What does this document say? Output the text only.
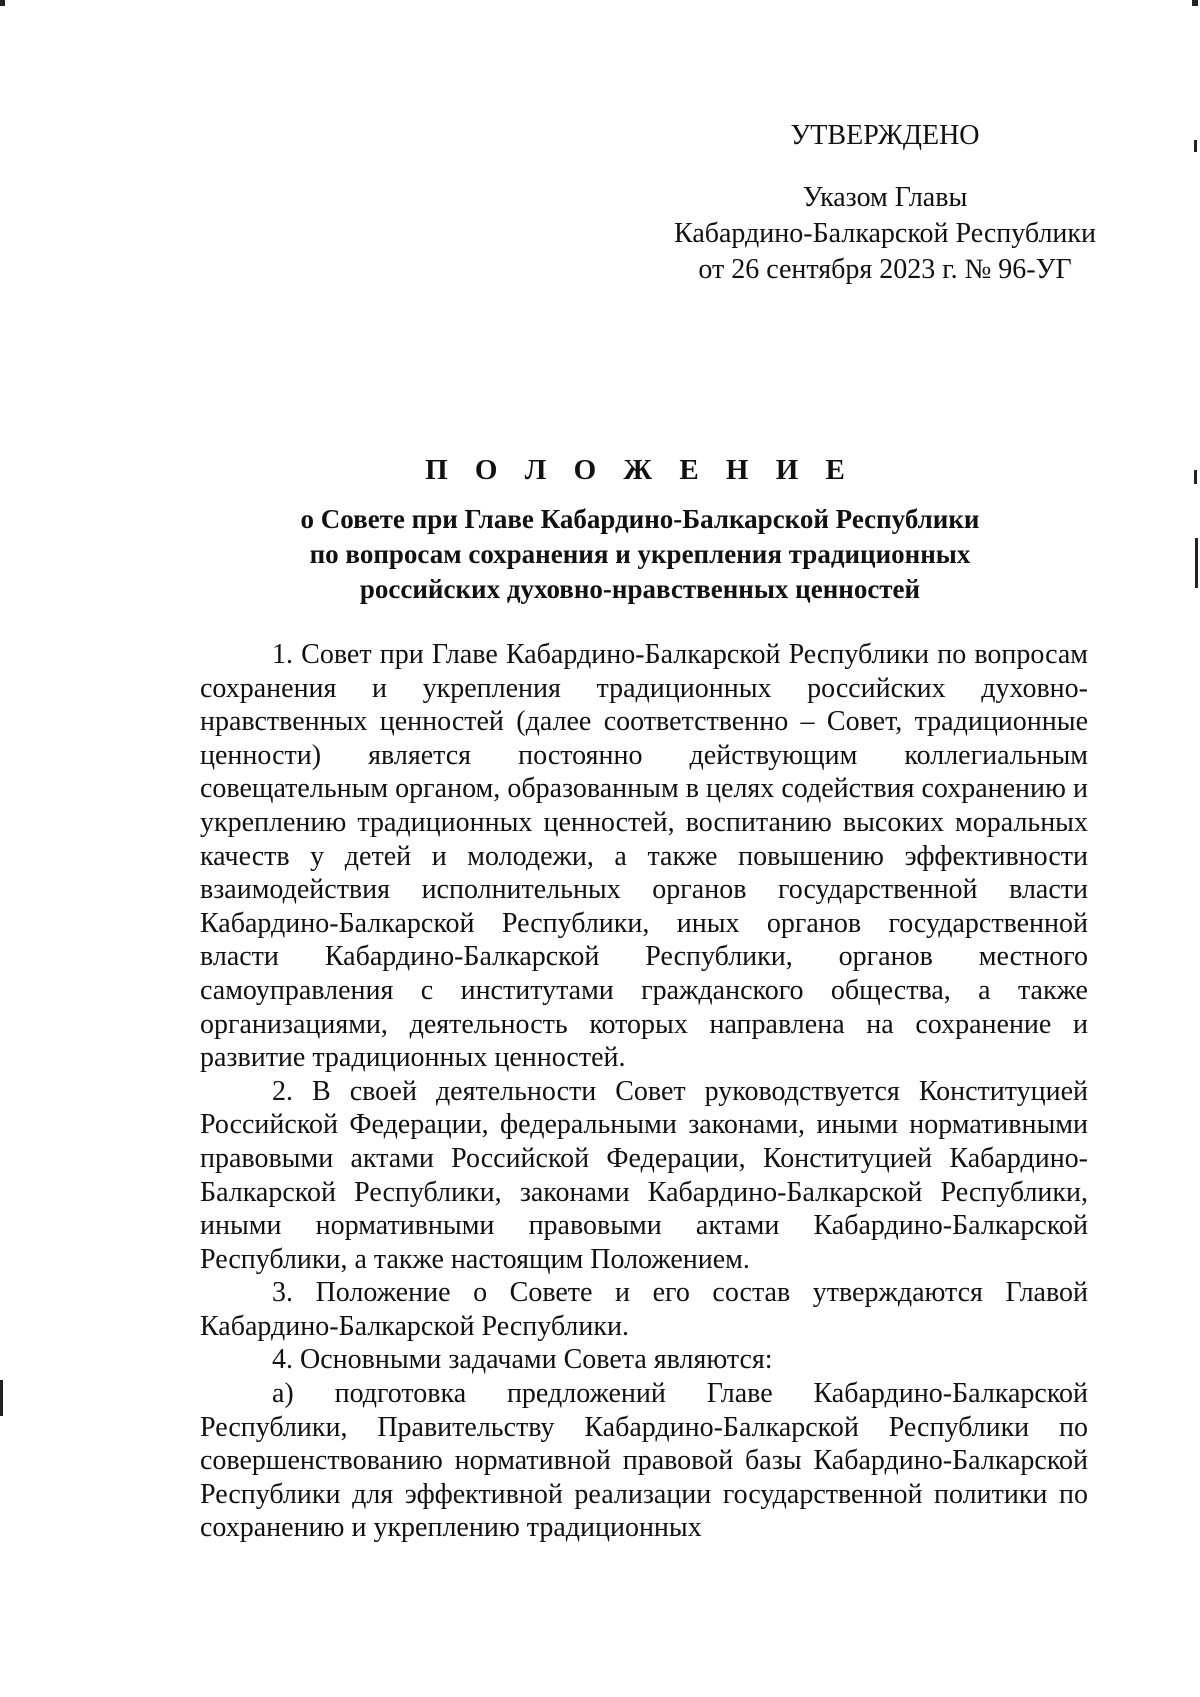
УТВЕРЖДЕНО
Указом Главы
Кабардино-Балкарской Республики
от 26 сентября 2023 г. № 96-УГ
П О Л О Ж Е Н И Е
о Совете при Главе Кабардино-Балкарской Республики
по вопросам сохранения и укрепления традиционных
российских духовно-нравственных ценностей

1. Совет при Главе Кабардино-Балкарской Республики по вопросам сохранения и укрепления традиционных российских духовно-нравственных ценностей (далее соответственно – Совет, традиционные ценности) является постоянно действующим коллегиальным совещательным органом, образованным в целях содействия сохранению и укреплению традиционных ценностей, воспитанию высоких моральных качеств у детей и молодежи, а также повышению эффективности взаимодействия исполнительных органов государственной власти Кабардино-Балкарской Республики, иных органов государственной власти Кабардино-Балкарской Республики, органов местного самоуправления с институтами гражданского общества, а также организациями, деятельность которых направлена на сохранение и развитие традиционных ценностей.

2. В своей деятельности Совет руководствуется Конституцией Российской Федерации, федеральными законами, иными нормативными правовыми актами Российской Федерации, Конституцией Кабардино-Балкарской Республики, законами Кабардино-Балкарской Республики, иными нормативными правовыми актами Кабардино-Балкарской Республики, а также настоящим Положением.

3. Положение о Совете и его состав утверждаются Главой Кабардино-Балкарской Республики.

4. Основными задачами Совета являются:

а) подготовка предложений Главе Кабардино-Балкарской Республики, Правительству Кабардино-Балкарской Республики по совершенствованию нормативной правовой базы Кабардино-Балкарской Республики для эффективной реализации государственной политики по сохранению и укреплению традиционных
